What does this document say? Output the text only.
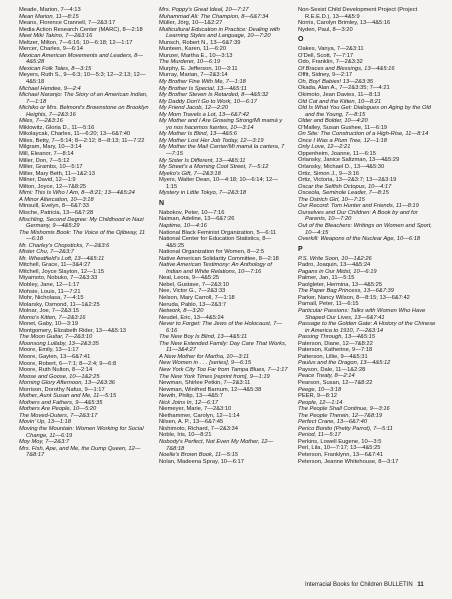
Meade, Marion, 7—4:13
Mean Marion, 11—8:15
Means, Florence Crannell, 7—2&3:17
Media Action Research Center (MARC), 8—2:18
Meet Miki Takino, 7—2&3:16
Meltzer, Milton, 7—6:16; 10—6:18; 12—1:17
Mercer, Charles, 9—6:14
Mexican American Movements and Leaders, 8—4&5:28
Mexican Folk Tales, 8—3:15
Meyers, Ruth S., 9—6:3; 10—5:3; 12—2:13; 12—4&5:18
Michael Hendee, 9—2:4
Michael Naranjo: The Story of an American Indian, 7—1:18
Michiko or Mrs. Belmont's Brownstone on Brooklyn Heights, 7—2&3:16
Miles, 7—2&3:16
Miklowitz, Gloria D., 11—5:16
Mikolaycak, Charles, 11—6:20; 13—6&7:40
Miles, Betty, 7—5:14; 8—2:12; 8—8:13; 11—7:22
Milgram, Mary, 10—3:14
Mill, Eleanor, 7—8:14
Miller, Don, 7—5:12
Miller, Grambs, 10—5:17
Miller, Mary Beth, 11—1&2:13
Milner, David, 12—1:9
Milton, Joyce, 12—7&8:25
Mimi: This Is Who I Am, 8—8:21; 13—4&5:24
A Minor Altercation, 10—3:18
Minsuill, Evelyn, 8—6&7:33
Mische, Patricia, 13—6&7:28
Mischling, Second Degree: My Childhood in Nazi Germany, 9—4&5:29
The Mishomis Book: The Voice of the Ojibway, 11—6:18
Mr. Charley's Chopsticks, 7—2&3:6
Mister Chu, 7—2&3:7
Mr. Wheatfield's Loft, 13—4&5:11
Mitchell, Grace, 11—3&4:27
Mitchell, Joyce Slayton, 12—1:15
Miyamoto, Nobuko, 7—2&3:33
Mobley, Jane, 12—1:17
Mohsie, Louis, 11—7:21
Mohr, Nicholasa, 7—4:15
Molarsky, Osmond, 11—1&2:25
Molnar, Joe, 7—2&3:15
Momo's Kitten, 7—2&3:16
Monet, Gaby, 10—3:19
Montgomery, Elizabeth Rider, 13—4&5:13
The Moon Guitar, 7—2&3:10
Moonsong Lullaby, 13—2&3:35
Moore, Emily, 13—1:17
Moore, Gaylen, 13—6&7:41
Moore, Robert, 6—7:1; 8—2:4; 9—6:8
Moore, Ruth Nulton, 8—2:14
Moose and Goose, 10—1&2:25
Morning Glory Afternoon, 13—2&3:36
Morrison, Dorothy Nafus, 9—1:17
Mother, Aunt Susan and Me, 11—5:15
Mothers and Fathers, 9—4&5:35
Mothers Are People, 10—5:20
The Moved-Outers, 7—2&3:17
Movin' Up, 13—1:18
Moving the Mountain: Women Working for Social Change, 11—6:19
Moy Moy, 7—2&3:7
Mrs. Fish, Ape, and Me, the Dump Queen, 12—7&8:17
Mrs. Poppy's Great Ideal, 10—7:17
Muhammad Ali: The Champion, 8—6&7:34
Müller, Jörg, 10—1&2:27
Multicultural Education in Practice: Dealing with Learning Styles and Language, 10—7:20
Munsch, Robert N., 13—6&7:39
Munteen, Karen, 11—6:20
Munzer, Martha E., 10—3:13
The Murderer, 10—6:19
Murphy, E. Jefferson, 10—3:11
Murray, Marian, 7—2&3:14
My Brother Fine With Me, 7—1:18
My Brother Is Special, 13—4&5:11
My Brother Steven Is Retarded, 8—4&5:32
My Daddy Don't Go to Work, 10—6:17
My Friend Jacob, 12—2:20
My Mom Travels a Lot, 13—6&7:42
My Mother and I Are Growing Strong/Mi mamá y yo nos hacemos fuertes, 10—3:14
My Mother Is Blind, 13—4&5:6
My Mother Lost Her Job Today, 12—3:19
My Mother the Mail Carrier/Mi mamá la cartera, 7—7:15
My Sister Is Different, 13—4&5:11
My Street's a Morning Cool Street, 7—5:12
Myeko's Gift, 7—2&3:18
Myers, Walter Dean, 10—4:18; 10—6:14; 12—1:15
Mystery in Little Tokyo, 7—2&3:18
N
Nabokov, Peter, 10—7:16
Naiman, Adeline, 13—6&7:26
Naptime, 10—4:16
National Black Feminist Organization, 5—6:11
National Center for Education Statistics, 8—4&5:25
National Organization for Women, 8—2:5
Native American Solidarity Committee, 8—2:18
Native American Testimony: An Anthology of Indian and White Relations, 10—7:16
Neal, Leora, 9—4&5:25
Nebel, Gustave, 7—2&3:10
Nee, Victor G., 7—2&3:33
Nelson, Mary Carroll, 7—1:18
Neruda, Pablo, 13—2&3:7
Network, 8—3:20
Neudel, Eric, 13—4&5:24
Never to Forget: The Jews of the Holocaust, 7—6:16
The New Boy Is Blind, 13—4&5:11
The New Extended Family: Day Care That Works, 11—3&4:27
A New Mother for Martha, 10—3:11
New Women in . . . [series], 9—6:15
New York City Too Far from Tampa Blues, 7—1:17
The New York Times [reprint from], 9—1:19
Newman, Shirlee Petkin, 7—2&3:11
Newman, Winifred Barnum, 12—4&5:38
Newth, Philip, 13—4&5:7
Nick Joins In, 12—6:17
Niemeyer, Marie, 7—2&3:10
Niethammer, Carolyn, 12—1:14
Nilsen, A. P., 13—6&7:45
Nishimoto, Richard, 7—2&3:34
Noble, Iris, 10—8:21
Nobody's Perfect, Not Even My Mother, 12—7&8:18
Noelle's Brown Book, 11—5:15
Nolan, Madeena Spray, 10—6:17
Non-Sexist Child Development Project (Project R.E.E.D.), 13—4&5:9
Norris, Carolyn Brimley, 13—4&5:16
Nyden, Paul, 8—3:20
O
Oakes, Vanya, 7—2&3:11
O'Dell, Scott, 7—7:17
Odo, Franklin, 7—2&3:32
Of Braces and Blessings, 13—4&5:16
Offit, Sidney, 9—2:17
Oh, Boy! Babies! 13—2&3:35
Okada, Alan A., 7—2&3:35; 7—4:21
Okimoto, Jean Davies, 11—8:13
Old Cat and the Kitten, 10—8:21
Old Is What You Get: Dialogues on Aging by the Old and the Young, 7—8:15
Older and Bolder, 10—4:20
O'Malley, Susan Gushee, 11—6:19
On Site: The Construction of a High-Rise, 11—8:14
Once I Was a Plum Tree, 12—1:18
Only Love, 12—2:21
Oppenheim, Joanne, 11—6:15
Orlansky, Janice Saltzman, 13—4&5:29
Orlansky, Michael D., 13—4&5:30
Ortiz, Simon J., 9—3:16
Ortiz, Victoria, 13—2&3:7; 13—2&3:19
Oscar the Selfish Octopus, 10—4:17
Osceola, Seminole Leader, 7—8:15
The Ostrich Girl, 10—7:15
Our Record: Tom Hunter and Friends, 11—8:19
Ourselves and Our Children: A Book by and for Parents, 10—7:20
Out of the Bleachers: Writings on Women and Sport, 10—4:15
Overkill: Weapons of the Nuclear Age, 10—6:18
P
P.S. Write Soon, 10—1&2:26
Padro, Joaquin, 13—4&5:24
Pagans in Our Midst, 10—6:19
Palmer, Jan, 11—5:15
Paolgleter, Hermina, 13—4&5:25
The Paper Bag Princess, 13—6&7:39
Parker, Nancy Wilson, 8—8:15; 13—6&7:42
Parnall, Peter, 11—6:15
Particular Passions: Talks with Women Who Have Shaped Our Lives, 13—6&7:41
Passage to the Golden Gate: A History of the Chinese in America to 1910, 7—2&3:14
Passing Through, 13—4&5:15
Paterson, Diane, 12—7&8:22
Paterson, Katherine, 9—7:18
Patterson, Lillie, 9—4&5:31
Paulus and the Dragon, 13—4&5:12
Payson, Dale, 11—1&2:28
Peace Treaty, 8—2:14
Pearson, Susan, 12—7&8:22
Peege, 10—3:18
PEER, 9—8:12
People, 12—1:14
The People Shall Continue, 9—3:16
The People Therein, 12—7&8:19
Perfect Crane, 13—6&7:40
Perico Bonito (Pretty Parrot), 7—5:11
Period, 11—5:17
Perkins, Lowell Eugene, 10—3:5
Perl, Lila, 10—7:17; 13—4&5:25
Peterson, Franklynn, 13—6&7:41
Peterson, Jeanne Whitehouse, 8—3:17
Interracial Books for Children BULLETIN 11
